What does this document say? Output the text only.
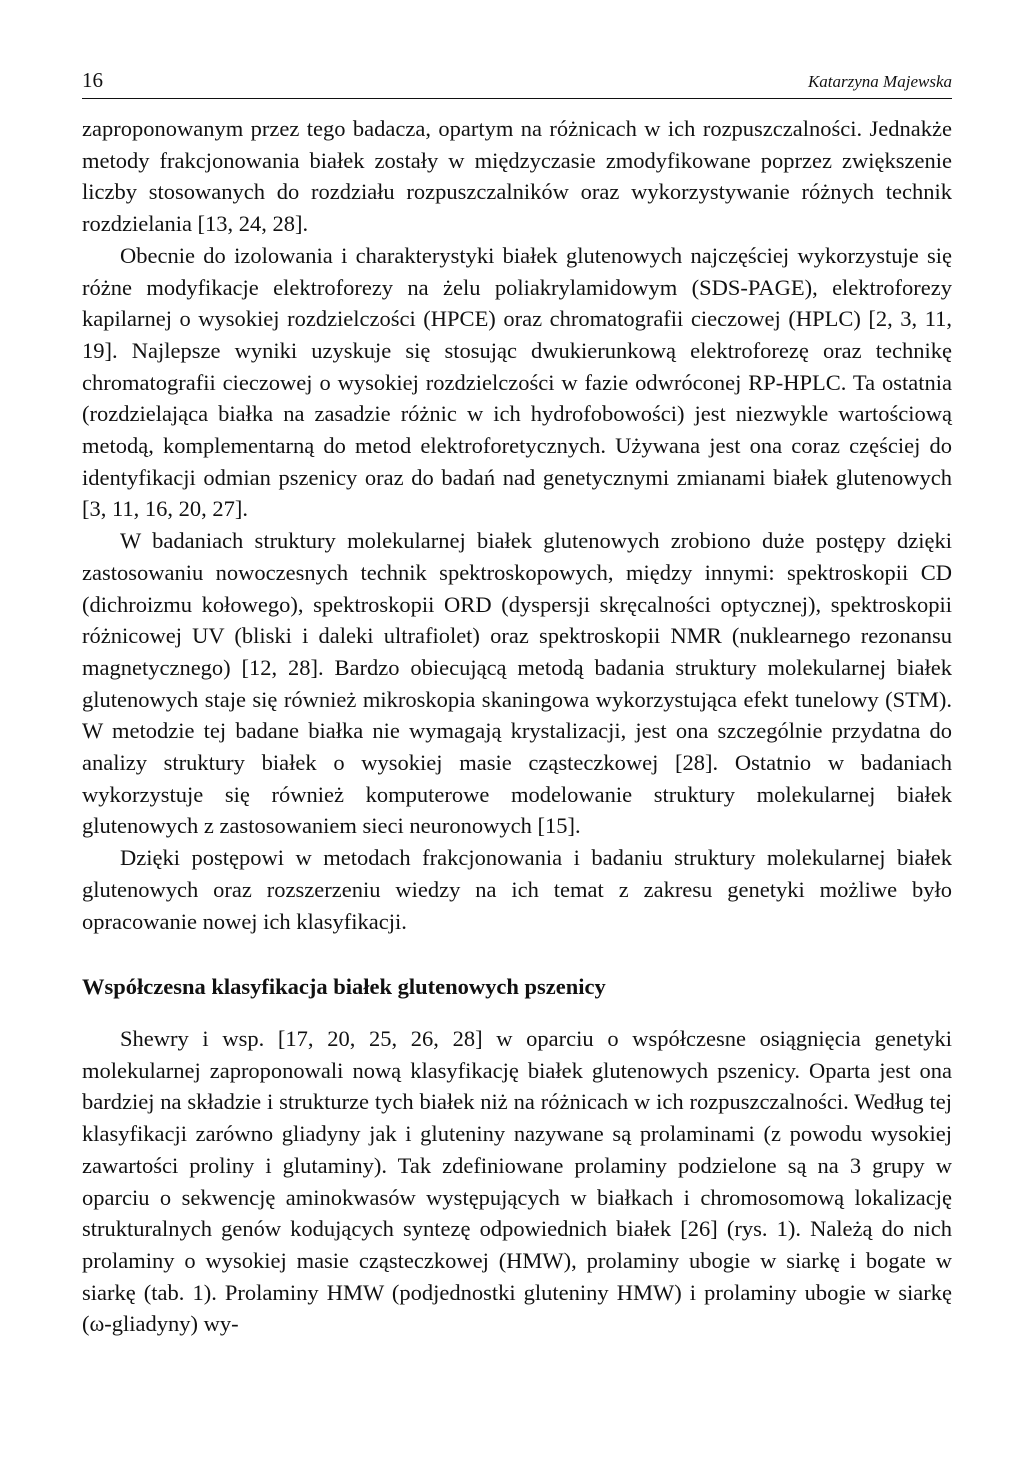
16	Katarzyna Majewska

zaproponowanym przez tego badacza, opartym na różnicach w ich rozpuszczalności. Jednakże metody frakcjonowania białek zostały w międzyczasie zmodyfikowane poprzez zwiększenie liczby stosowanych do rozdziału rozpuszczalników oraz wykorzystywanie różnych technik rozdzielania [13, 24, 28].

Obecnie do izolowania i charakterystyki białek glutenowych najczęściej wykorzystuje się różne modyfikacje elektroforezy na żelu poliakrylamidowym (SDS-PAGE), elektroforezy kapilarnej o wysokiej rozdzielczości (HPCE) oraz chromatografii cieczowej (HPLC) [2, 3, 11, 19]. Najlepsze wyniki uzyskuje się stosując dwukierunkową elektroforezę oraz technikę chromatografii cieczowej o wysokiej rozdzielczości w fazie odwróconej RP-HPLC. Ta ostatnia (rozdzielająca białka na zasadzie różnic w ich hydrofobowości) jest niezwykle wartościową metodą, komplementarną do metod elektroforetycznych. Używana jest ona coraz częściej do identyfikacji odmian pszenicy oraz do badań nad genetycznymi zmianami białek glutenowych [3, 11, 16, 20, 27].

W badaniach struktury molekularnej białek glutenowych zrobiono duże postępy dzięki zastosowaniu nowoczesnych technik spektroskopowych, między innymi: spektroskopii CD (dichroizmu kołowego), spektroskopii ORD (dyspersji skręcalności optycznej), spektroskopii różnicowej UV (bliski i daleki ultrafiolet) oraz spektroskopii NMR (nuklearnego rezonansu magnetycznego) [12, 28]. Bardzo obiecującą metodą badania struktury molekularnej białek glutenowych staje się również mikroskopia skaningowa wykorzystująca efekt tunelowy (STM). W metodzie tej badane białka nie wymagają krystalizacji, jest ona szczególnie przydatna do analizy struktury białek o wysokiej masie cząsteczkowej [28]. Ostatnio w badaniach wykorzystuje się również komputerowe modelowanie struktury molekularnej białek glutenowych z zastosowaniem sieci neuronowych [15].

Dzięki postępowi w metodach frakcjonowania i badaniu struktury molekularnej białek glutenowych oraz rozszerzeniu wiedzy na ich temat z zakresu genetyki możliwe było opracowanie nowej ich klasyfikacji.

Współczesna klasyfikacja białek glutenowych pszenicy

Shewry i wsp. [17, 20, 25, 26, 28] w oparciu o współczesne osiągnięcia genetyki molekularnej zaproponowali nową klasyfikację białek glutenowych pszenicy. Oparta jest ona bardziej na składzie i strukturze tych białek niż na różnicach w ich rozpuszczalności. Według tej klasyfikacji zarówno gliadyny jak i gluteniny nazywane są prolaminami (z powodu wysokiej zawartości proliny i glutaminy). Tak zdefiniowane prolaminy podzielone są na 3 grupy w oparciu o sekwencję aminokwasów występujących w białkach i chromosomową lokalizację strukturalnych genów kodujących syntezę odpowiednich białek [26] (rys. 1). Należą do nich prolaminy o wysokiej masie cząsteczkowej (HMW), prolaminy ubogie w siarkę i bogate w siarkę (tab. 1). Prolaminy HMW (podjednostki gluteniny HMW) i prolaminy ubogie w siarkę (ω-gliadyny) wy-
